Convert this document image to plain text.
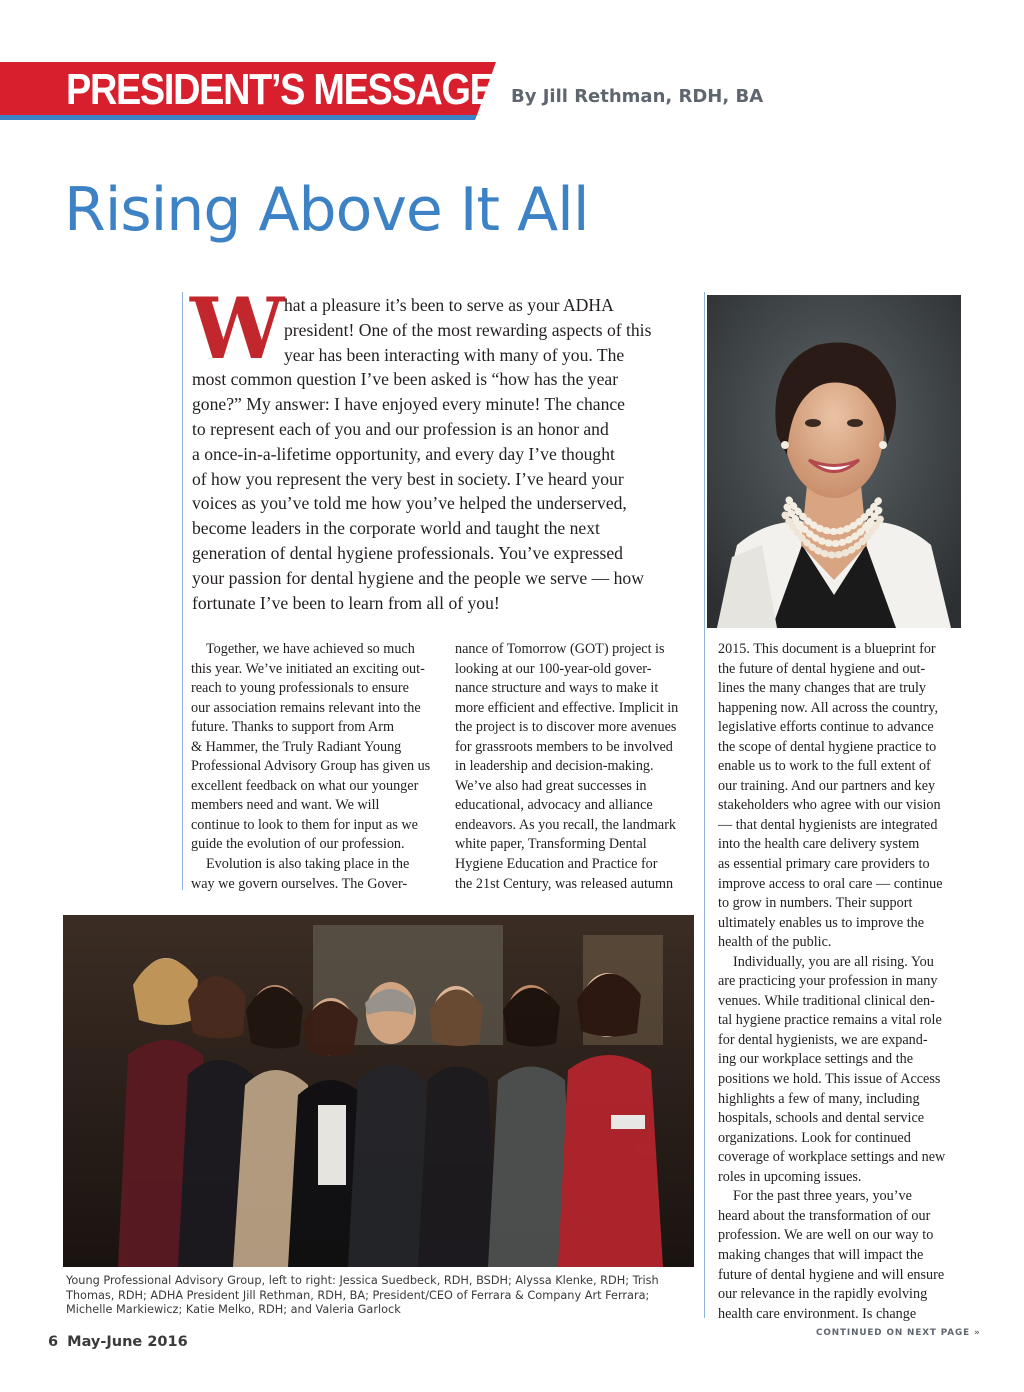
PRESIDENT’S MESSAGE By Jill Rethman, RDH, BA
Rising Above It All
W hat a pleasure it’s been to serve as your ADHA
president! One of the most rewarding aspects of this
year has been interacting with many of you. The
most common question I’ve been asked is “how has the year
gone?” My answer: I have enjoyed every minute! The chance
to represent each of you and our profession is an honor and
a once-in-a-lifetime opportunity, and every day I’ve thought
of how you represent the very best in society. I’ve heard your
voices as you’ve told me how you’ve helped the underserved,
become leaders in the corporate world and taught the next
generation of dental hygiene professionals. You’ve expressed
your passion for dental hygiene and the people we serve — how
fortunate I’ve been to learn from all of you!
Together, we have achieved so much
this year. We’ve initiated an exciting out-
reach to young professionals to ensure
our association remains relevant into the
future. Thanks to support from Arm
& Hammer, the Truly Radiant Young
Professional Advisory Group has given us
excellent feedback on what our younger
members need and want. We will
continue to look to them for input as we
guide the evolution of our profession.
Evolution is also taking place in the
way we govern ourselves. The Gover-
nance of Tomorrow (GOT) project is
looking at our 100-year-old gover-
nance structure and ways to make it
more efficient and effective. Implicit in
the project is to discover more avenues
for grassroots members to be involved
in leadership and decision-making.
We’ve also had great successes in
educational, advocacy and alliance
endeavors. As you recall, the landmark
white paper, Transforming Dental
Hygiene Education and Practice for
the 21st Century, was released autumn
2015. This document is a blueprint for
the future of dental hygiene and out-
lines the many changes that are truly
happening now. All across the country,
legislative efforts continue to advance
the scope of dental hygiene practice to
enable us to work to the full extent of
our training. And our partners and key
stakeholders who agree with our vision
— that dental hygienists are integrated
into the health care delivery system
as essential primary care providers to
improve access to oral care — continue
to grow in numbers. Their support
ultimately enables us to improve the
health of the public.
Individually, you are all rising. You
are practicing your profession in many
venues. While traditional clinical den-
tal hygiene practice remains a vital role
for dental hygienists, we are expand-
ing our workplace settings and the
positions we hold. This issue of Access
highlights a few of many, including
hospitals, schools and dental service
organizations. Look for continued
coverage of workplace settings and new
roles in upcoming issues.
For the past three years, you’ve
heard about the transformation of our
profession. We are well on our way to
making changes that will impact the
future of dental hygiene and will ensure
our relevance in the rapidly evolving
health care environment. Is change
Young Professional Advisory Group, left to right: Jessica Suedbeck, RDH, BSDH; Alyssa Klenke, RDH; Trish
Thomas, RDH; ADHA President Jill Rethman, RDH, BA; President/CEO of Ferrara & Company Art Ferrara;
Michelle Markiewicz; Katie Melko, RDH; and Valeria Garlock
6 May-June 2016
CONTINUED ON NEXT PAGE »
